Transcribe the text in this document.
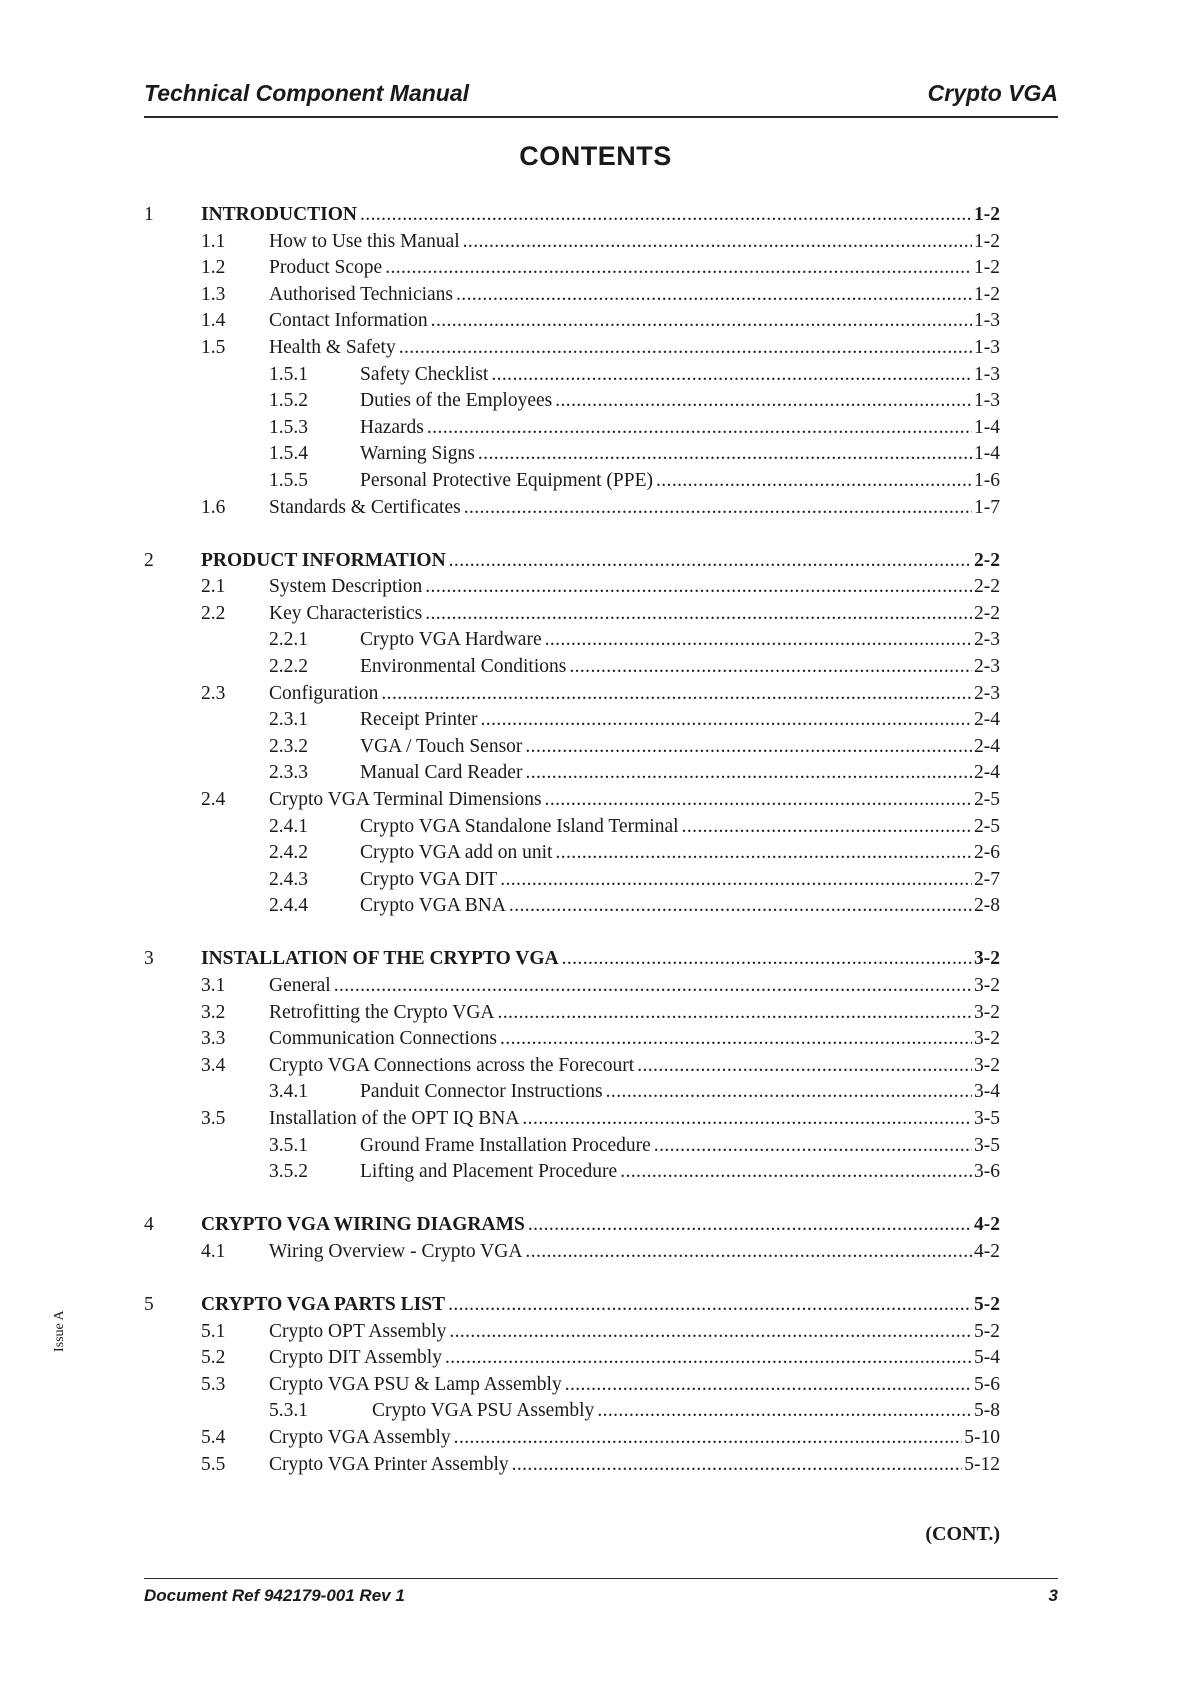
Technical Component Manual	Crypto VGA
CONTENTS
1	INTRODUCTION .....	1-2
1.1	How to Use this Manual .....	1-2
1.2	Product Scope .....	1-2
1.3	Authorised Technicians .....	1-2
1.4	Contact Information .....	1-3
1.5	Health & Safety .....	1-3
1.5.1	Safety Checklist .....	1-3
1.5.2	Duties of the Employees .....	1-3
1.5.3	Hazards .....	1-4
1.5.4	Warning Signs .....	1-4
1.5.5	Personal Protective Equipment (PPE) .....	1-6
1.6	Standards & Certificates .....	1-7
2	PRODUCT INFORMATION .....	2-2
2.1	System Description .....	2-2
2.2	Key Characteristics .....	2-2
2.2.1	Crypto VGA Hardware .....	2-3
2.2.2	Environmental Conditions .....	2-3
2.3	Configuration .....	2-3
2.3.1	Receipt Printer .....	2-4
2.3.2	VGA / Touch Sensor .....	2-4
2.3.3	Manual Card Reader .....	2-4
2.4	Crypto VGA Terminal Dimensions .....	2-5
2.4.1	Crypto VGA Standalone Island Terminal .....	2-5
2.4.2	Crypto VGA add on unit .....	2-6
2.4.3	Crypto VGA DIT .....	2-7
2.4.4	Crypto VGA BNA .....	2-8
3	INSTALLATION OF THE CRYPTO VGA .....	3-2
3.1	General .....	3-2
3.2	Retrofitting the Crypto VGA .....	3-2
3.3	Communication Connections .....	3-2
3.4	Crypto VGA Connections across the Forecourt .....	3-2
3.4.1	Panduit Connector Instructions .....	3-4
3.5	Installation of the OPT IQ BNA .....	3-5
3.5.1	Ground Frame Installation Procedure .....	3-5
3.5.2	Lifting and Placement Procedure .....	3-6
4	CRYPTO VGA WIRING DIAGRAMS .....	4-2
4.1	Wiring Overview - Crypto VGA .....	4-2
5	CRYPTO VGA PARTS LIST .....	5-2
5.1	Crypto OPT Assembly .....	5-2
5.2	Crypto DIT Assembly .....	5-4
5.3	Crypto VGA PSU & Lamp Assembly .....	5-6
5.3.1	Crypto VGA PSU Assembly .....	5-8
5.4	Crypto VGA Assembly .....	5-10
5.5	Crypto VGA Printer Assembly .....	5-12
(CONT.)
Issue A
Document Ref 942179-001 Rev 1	3
